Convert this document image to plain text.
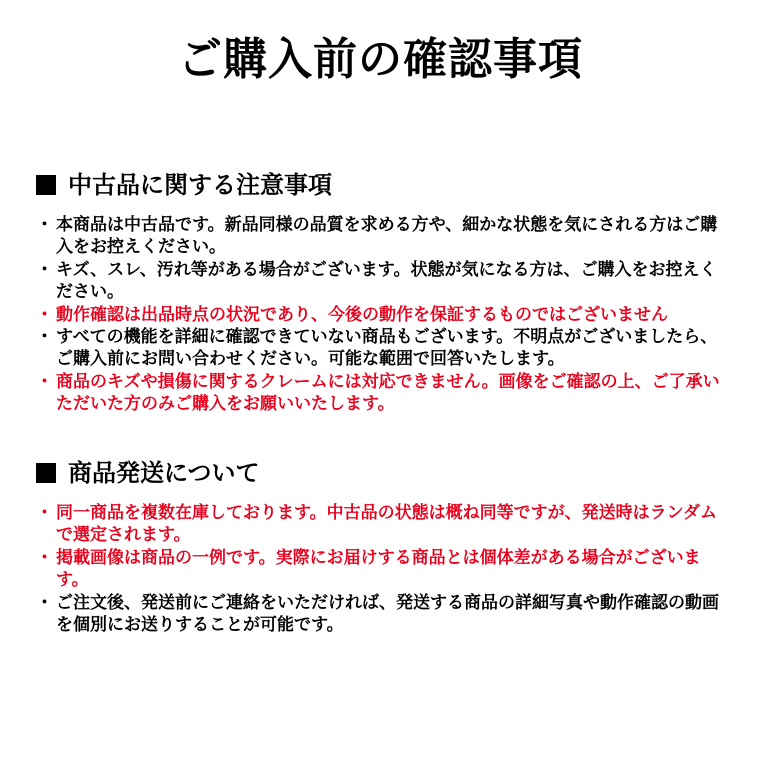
ご購入前の確認事項
中古品に関する注意事項
・ 本商品は中古品です。新品同様の品質を求める方や、細かな状態を気にされる方はご購入をお控えください。
・ キズ、スレ、汚れ等がある場合がございます。状態が気になる方は、ご購入をお控えください。
・ 動作確認は出品時点の状況であり、今後の動作を保証するものではございません
・ すべての機能を詳細に確認できていない商品もございます。不明点がございましたら、ご購入前にお問い合わせください。可能な範囲で回答いたします。
・ 商品のキズや損傷に関するクレームには対応できません。画像をご確認の上、ご了承いただいた方のみご購入をお願いいたします。
商品発送について
・ 同一商品を複数在庫しております。中古品の状態は概ね同等ですが、発送時はランダムで選定されます。
・ 掲載画像は商品の一例です。実際にお届けする商品とは個体差がある場合がございます。
・ ご注文後、発送前にご連絡をいただければ、発送する商品の詳細写真や動作確認の動画を個別にお送りすることが可能です。
